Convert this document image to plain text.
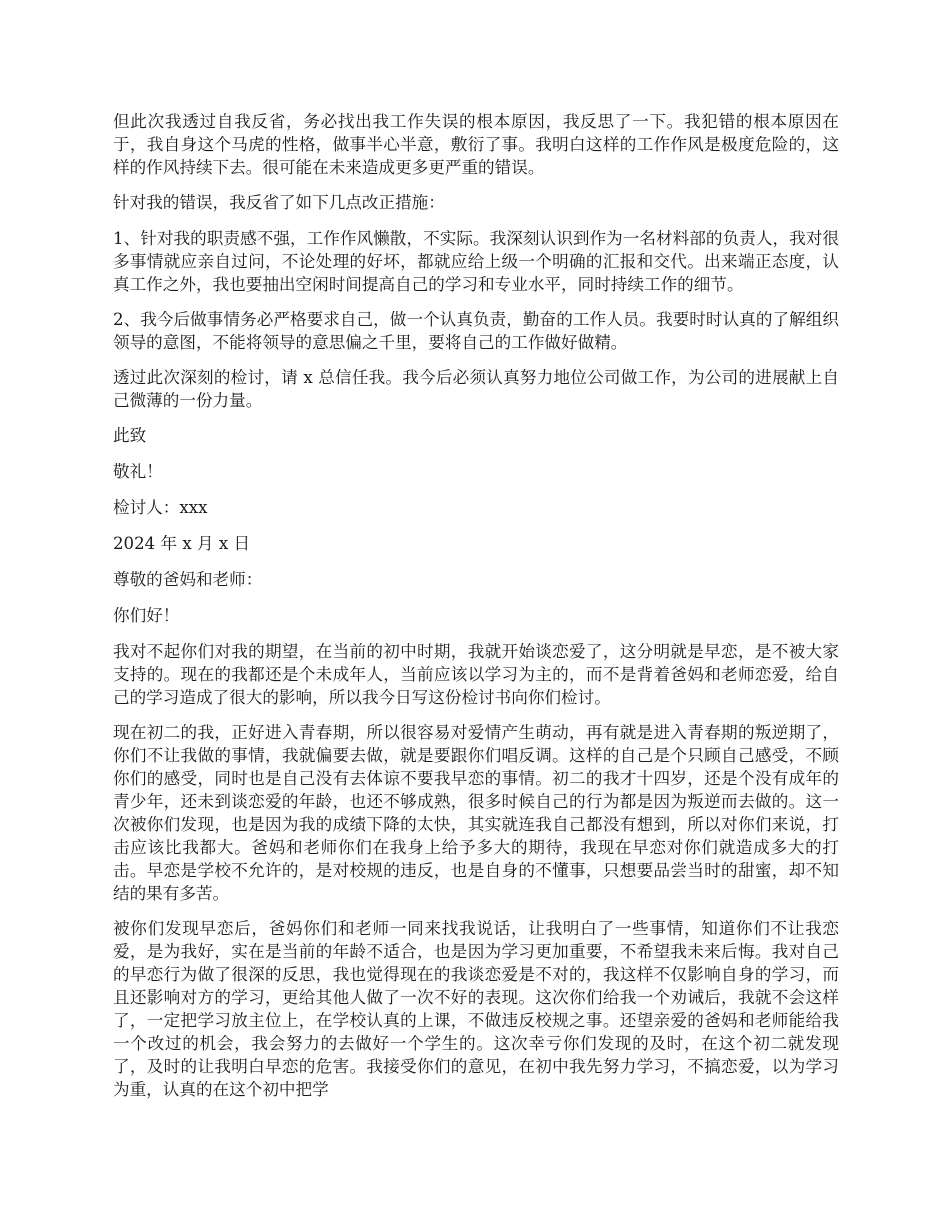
但此次我透过自我反省，务必找出我工作失误的根本原因，我反思了一下。我犯错的根本原因在于，我自身这个马虎的性格，做事半心半意，敷衍了事。我明白这样的工作作风是极度危险的，这样的作风持续下去。很可能在未来造成更多更严重的错误。

针对我的错误，我反省了如下几点改正措施：

1、针对我的职责感不强，工作作风懒散，不实际。我深刻认识到作为一名材料部的负责人，我对很多事情就应亲自过问，不论处理的好坏，都就应给上级一个明确的汇报和交代。出来端正态度，认真工作之外，我也要抽出空闲时间提高自己的学习和专业水平，同时持续工作的细节。

2、我今后做事情务必严格要求自己，做一个认真负责，勤奋的工作人员。我要时时认真的了解组织领导的意图，不能将领导的意思偏之千里，要将自己的工作做好做精。

透过此次深刻的检讨，请 x 总信任我。我今后必须认真努力地位公司做工作，为公司的进展献上自己微薄的一份力量。

此致

敬礼！

检讨人：xxx

2024 年 x 月 x 日

尊敬的爸妈和老师：

你们好！

我对不起你们对我的期望，在当前的初中时期，我就开始谈恋爱了，这分明就是早恋，是不被大家支持的。现在的我都还是个未成年人，当前应该以学习为主的，而不是背着爸妈和老师恋爱，给自己的学习造成了很大的影响，所以我今日写这份检讨书向你们检讨。

现在初二的我，正好进入青春期，所以很容易对爱情产生萌动，再有就是进入青春期的叛逆期了，你们不让我做的事情，我就偏要去做，就是要跟你们唱反调。这样的自己是个只顾自己感受，不顾你们的感受，同时也是自己没有去体谅不要我早恋的事情。初二的我才十四岁，还是个没有成年的青少年，还未到谈恋爱的年龄，也还不够成熟，很多时候自己的行为都是因为叛逆而去做的。这一次被你们发现，也是因为我的成绩下降的太快，其实就连我自己都没有想到，所以对你们来说，打击应该比我都大。爸妈和老师你们在我身上给予多大的期待，我现在早恋对你们就造成多大的打击。早恋是学校不允许的，是对校规的违反，也是自身的不懂事，只想要品尝当时的甜蜜，却不知结的果有多苦。

被你们发现早恋后，爸妈你们和老师一同来找我说话，让我明白了一些事情，知道你们不让我恋爱，是为我好，实在是当前的年龄不适合，也是因为学习更加重要，不希望我未来后悔。我对自己的早恋行为做了很深的反思，我也觉得现在的我谈恋爱是不对的，我这样不仅影响自身的学习，而且还影响对方的学习，更给其他人做了一次不好的表现。这次你们给我一个劝诫后，我就不会这样了，一定把学习放主位上，在学校认真的上课，不做违反校规之事。还望亲爱的爸妈和老师能给我一个改过的机会，我会努力的去做好一个学生的。这次幸亏你们发现的及时，在这个初二就发现了，及时的让我明白早恋的危害。我接受你们的意见，在初中我先努力学习，不搞恋爱，以为学习为重，认真的在这个初中把学
